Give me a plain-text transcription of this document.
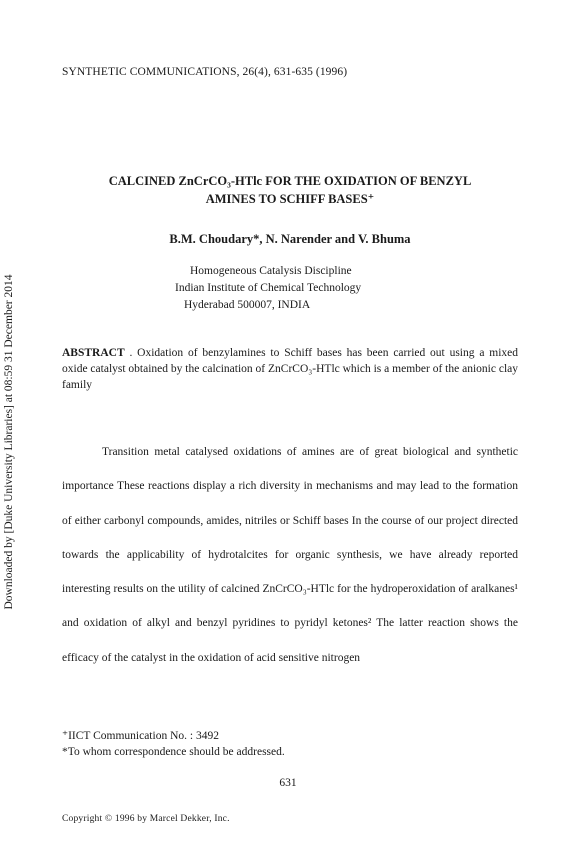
Downloaded by [Duke University Libraries] at 08:59 31 December 2014
SYNTHETIC COMMUNICATIONS, 26(4), 631-635 (1996)
CALCINED ZnCrCO₃-HTlc FOR THE OXIDATION OF BENZYL
AMINES TO SCHIFF BASES⁺
B.M. Choudary*, N. Narender and V. Bhuma
Homogeneous Catalysis Discipline
Indian Institute of Chemical Technology
Hyderabad 500007, INDIA
ABSTRACT . Oxidation of benzylamines to Schiff bases has been carried out using a mixed oxide catalyst obtained by the calcination of ZnCrCO₃-HTlc which is a member of the anionic clay family

Transition metal catalysed oxidations of amines are of great biological and synthetic importance These reactions display a rich diversity in mechanisms and may lead to the formation of either carbonyl compounds, amides, nitriles or Schiff bases In the course of our project directed towards the applicability of hydrotalcites for organic synthesis, we have already reported interesting results on the utility of calcined ZnCrCO₃-HTlc for the hydroperoxidation of aralkanes¹ and oxidation of alkyl and benzyl pyridines to pyridyl ketones² The latter reaction shows the efficacy of the catalyst in the oxidation of acid sensitive nitrogen

⁺IICT Communication No. : 3492
*To whom correspondence should be addressed.
631
Copyright © 1996 by Marcel Dekker, Inc.
